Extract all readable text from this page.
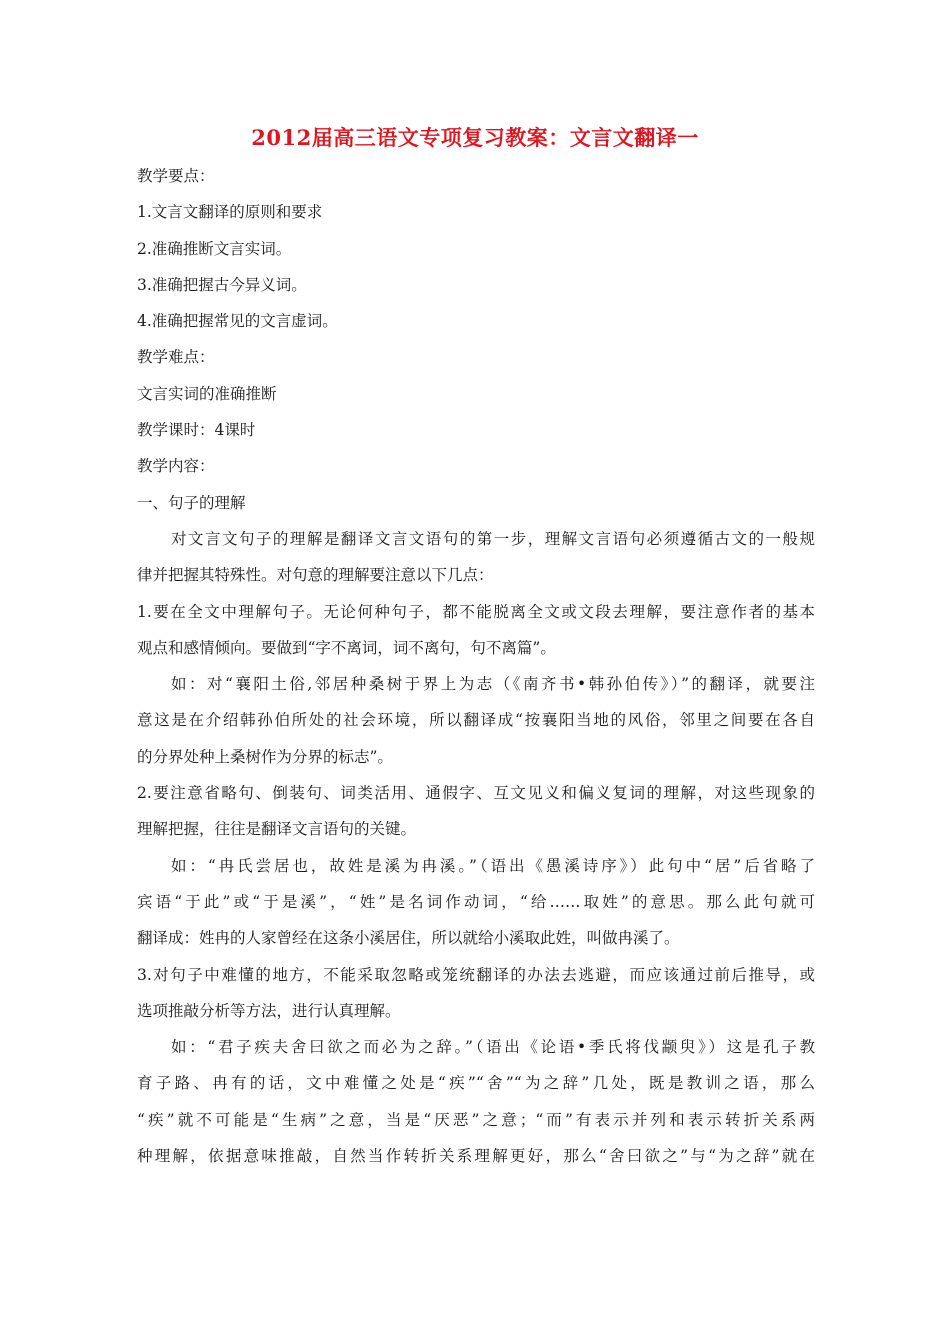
2012届高三语文专项复习教案：文言文翻译一
教学要点：
1.文言文翻译的原则和要求
2.准确推断文言实词。
3.准确把握古今异义词。
4.准确把握常见的文言虚词。
教学难点：
文言实词的准确推断
教学课时：4课时
教学内容：
一、句子的理解
对文言文句子的理解是翻译文言文语句的第一步，理解文言语句必须遵循古文的一般规
律并把握其特殊性。对句意的理解要注意以下几点：
1.要在全文中理解句子。无论何种句子，都不能脱离全文或文段去理解，要注意作者的基本
观点和感情倾向。要做到“字不离词，词不离句，句不离篇”。
如：对“襄阳土俗,邻居种桑树于界上为志（《南齐书•韩孙伯传》）”的翻译，就要注
意这是在介绍韩孙伯所处的社会环境，所以翻译成“按襄阳当地的风俗，邻里之间要在各自
的分界处种上桑树作为分界的标志”。
2.要注意省略句、倒装句、词类活用、通假字、互文见义和偏义复词的理解，对这些现象的
理解把握，往往是翻译文言语句的关键。
如：“冉氏尝居也，故姓是溪为冉溪。”（语出《愚溪诗序》）此句中“居”后省略了
宾语“于此”或“于是溪”，“姓”是名词作动词，“给……取姓”的意思。那么此句就可
翻译成：姓冉的人家曾经在这条小溪居住，所以就给小溪取此姓，叫做冉溪了。
3.对句子中难懂的地方，不能采取忽略或笼统翻译的办法去逃避，而应该通过前后推导，或
选项推敲分析等方法，进行认真理解。
如：“君子疾夫舍曰欲之而必为之辞。”（语出《论语•季氏将伐颛臾》）这是孔子教
育子路、冉有的话，文中难懂之处是“疾”“舍”“为之辞”几处，既是教训之语，那么
“疾”就不可能是“生病”之意，当是“厌恶”之意；“而”有表示并列和表示转折关系两
种理解，依据意味推敲，自然当作转折关系理解更好，那么“舍曰欲之”与“为之辞”就在
